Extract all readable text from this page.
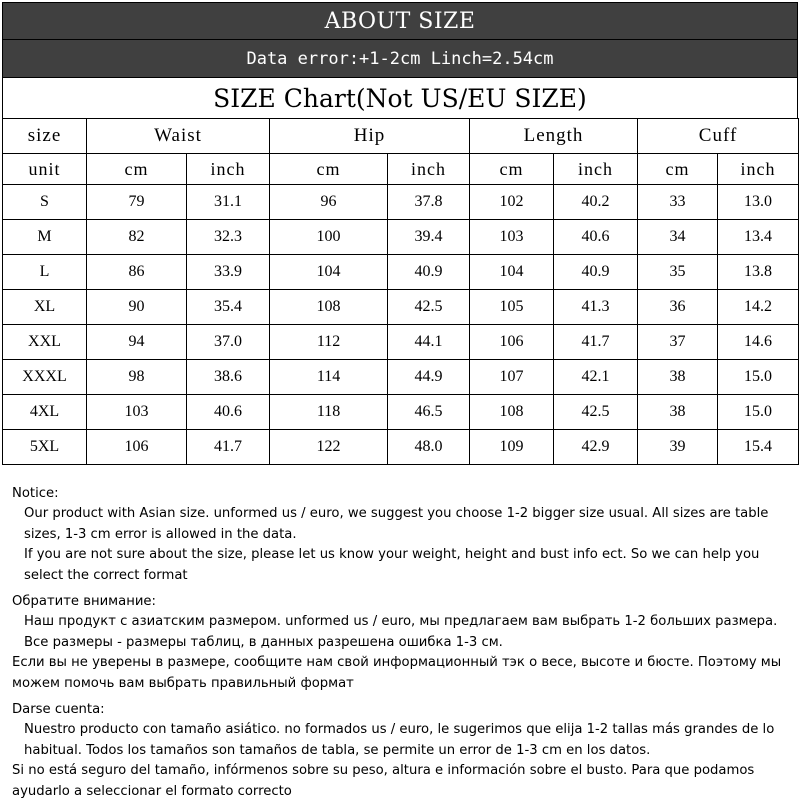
ABOUT SIZE
Data error:+1-2cm Linch=2.54cm
SIZE Chart(Not US/EU SIZE)
size	Waist		Hip		Length		Cuff	
unit	cm	inch	cm	inch	cm	inch	cm	inch
S	79	31.1	96	37.8	102	40.2	33	13.0
M	82	32.3	100	39.4	103	40.6	34	13.4
L	86	33.9	104	40.9	104	40.9	35	13.8
XL	90	35.4	108	42.5	105	41.3	36	14.2
XXL	94	37.0	112	44.1	106	41.7	37	14.6
XXXL	98	38.6	114	44.9	107	42.1	38	15.0
4XL	103	40.6	118	46.5	108	42.5	38	15.0
5XL	106	41.7	122	48.0	109	42.9	39	15.4

Notice:

Our product with Asian size. unformed us / euro, we suggest you choose 1-2 bigger size usual. All sizes are table sizes, 1-3 cm error is allowed in the data.

If you are not sure about the size, please let us know your weight, height and bust info ect. So we can help you select the correct format

Обратите внимание:

Наш продукт с азиатским размером. unformed us / euro, мы предлагаем вам выбрать 1-2 больших размера. Все размеры - размеры таблиц, в данных разрешена ошибка 1-3 см.

Если вы не уверены в размере, сообщите нам свой информационный тэк о весе, высоте и бюсте. Поэтому мы можем помочь вам выбрать правильный формат

Darse cuenta:

Nuestro producto con tamaño asiático. no formados us / euro, le sugerimos que elija 1-2 tallas más grandes de lo habitual. Todos los tamaños son tamaños de tabla, se permite un error de 1-3 cm en los datos.

Si no está seguro del tamaño, infórmenos sobre su peso, altura e información sobre el busto. Para que podamos ayudarlo a seleccionar el formato correcto
